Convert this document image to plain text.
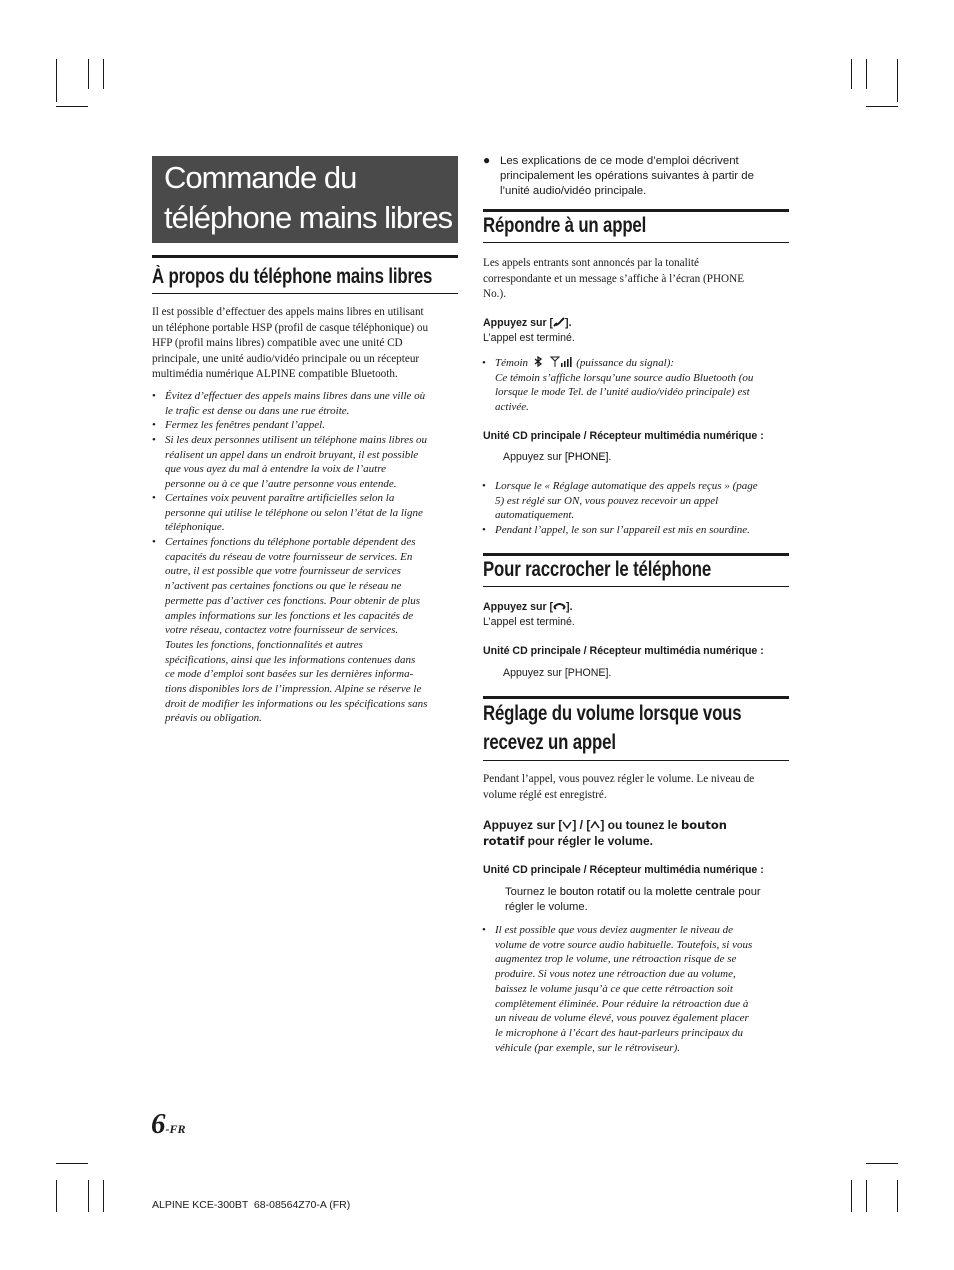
Commande du
téléphone mains libres
À propos du téléphone mains libres
Il est possible d’effectuer des appels mains libres en utilisant
un téléphone portable HSP (profil de casque téléphonique) ou
HFP (profil mains libres) compatible avec une unité CD
principale, une unité audio/vidéo principale ou un récepteur
multimédia numérique ALPINE compatible Bluetooth.
• Évitez d’effectuer des appels mains libres dans une ville où
le trafic est dense ou dans une rue étroite.
• Fermez les fenêtres pendant l’appel.
• Si les deux personnes utilisent un téléphone mains libres ou
réalisent un appel dans un endroit bruyant, il est possible
que vous ayez du mal à entendre la voix de l’autre
personne ou à ce que l’autre personne vous entende.
• Certaines voix peuvent paraître artificielles selon la
personne qui utilise le téléphone ou selon l’état de la ligne
téléphonique.
• Certaines fonctions du téléphone portable dépendent des
capacités du réseau de votre fournisseur de services. En
outre, il est possible que votre fournisseur de services
n’activent pas certaines fonctions ou que le réseau ne
permette pas d’activer ces fonctions. Pour obtenir de plus
amples informations sur les fonctions et les capacités de
votre réseau, contactez votre fournisseur de services.
Toutes les fonctions, fonctionnalités et autres
spécifications, ainsi que les informations contenues dans
ce mode d’emploi sont basées sur les dernières informa-
tions disponibles lors de l’impression. Alpine se réserve le
droit de modifier les informations ou les spécifications sans
préavis ou obligation.
● Les explications de ce mode d’emploi décrivent
principalement les opérations suivantes à partir de
l’unité audio/vidéo principale.
Répondre à un appel
Les appels entrants sont annoncés par la tonalité
correspondante et un message s’affiche à l’écran (PHONE
No.).
Appuyez sur [ ].
L’appel est terminé.
• Témoin	(puissance du signal):
Ce témoin s’affiche lorsqu’une source audio Bluetooth (ou
lorsque le mode Tel. de l’unité audio/vidéo principale) est
activée.
Unité CD principale / Récepteur multimédia numérique :
Appuyez sur [PHONE].
• Lorsque le « Réglage automatique des appels reçus » (page
5) est réglé sur ON, vous pouvez recevoir un appel
automatiquement.
• Pendant l’appel, le son sur l’appareil est mis en sourdine.
Pour raccrocher le téléphone
Appuyez sur [ ].
L’appel est terminé.
Unité CD principale / Récepteur multimédia numérique :
Appuyez sur [PHONE].
Réglage du volume lorsque vous
recevez un appel
Pendant l’appel, vous pouvez régler le volume. Le niveau de
volume réglé est enregistré.
Appuyez sur [ ] / [ ] ou tounez le bouton
rotatif pour régler le volume.
Unité CD principale / Récepteur multimédia numérique :
Tournez le bouton rotatif ou la molette centrale pour
régler le volume.
• Il est possible que vous deviez augmenter le niveau de
volume de votre source audio habituelle. Toutefois, si vous
augmentez trop le volume, une rétroaction risque de se
produire. Si vous notez une rétroaction due au volume,
baissez le volume jusqu’à ce que cette rétroaction soit
complètement éliminée. Pour réduire la rétroaction due à
un niveau de volume élevé, vous pouvez également placer
le microphone à l’écart des haut-parleurs principaux du
véhicule (par exemple, sur le rétroviseur).
6-FR
ALPINE KCE-300BT  68-08564Z70-A (FR)
